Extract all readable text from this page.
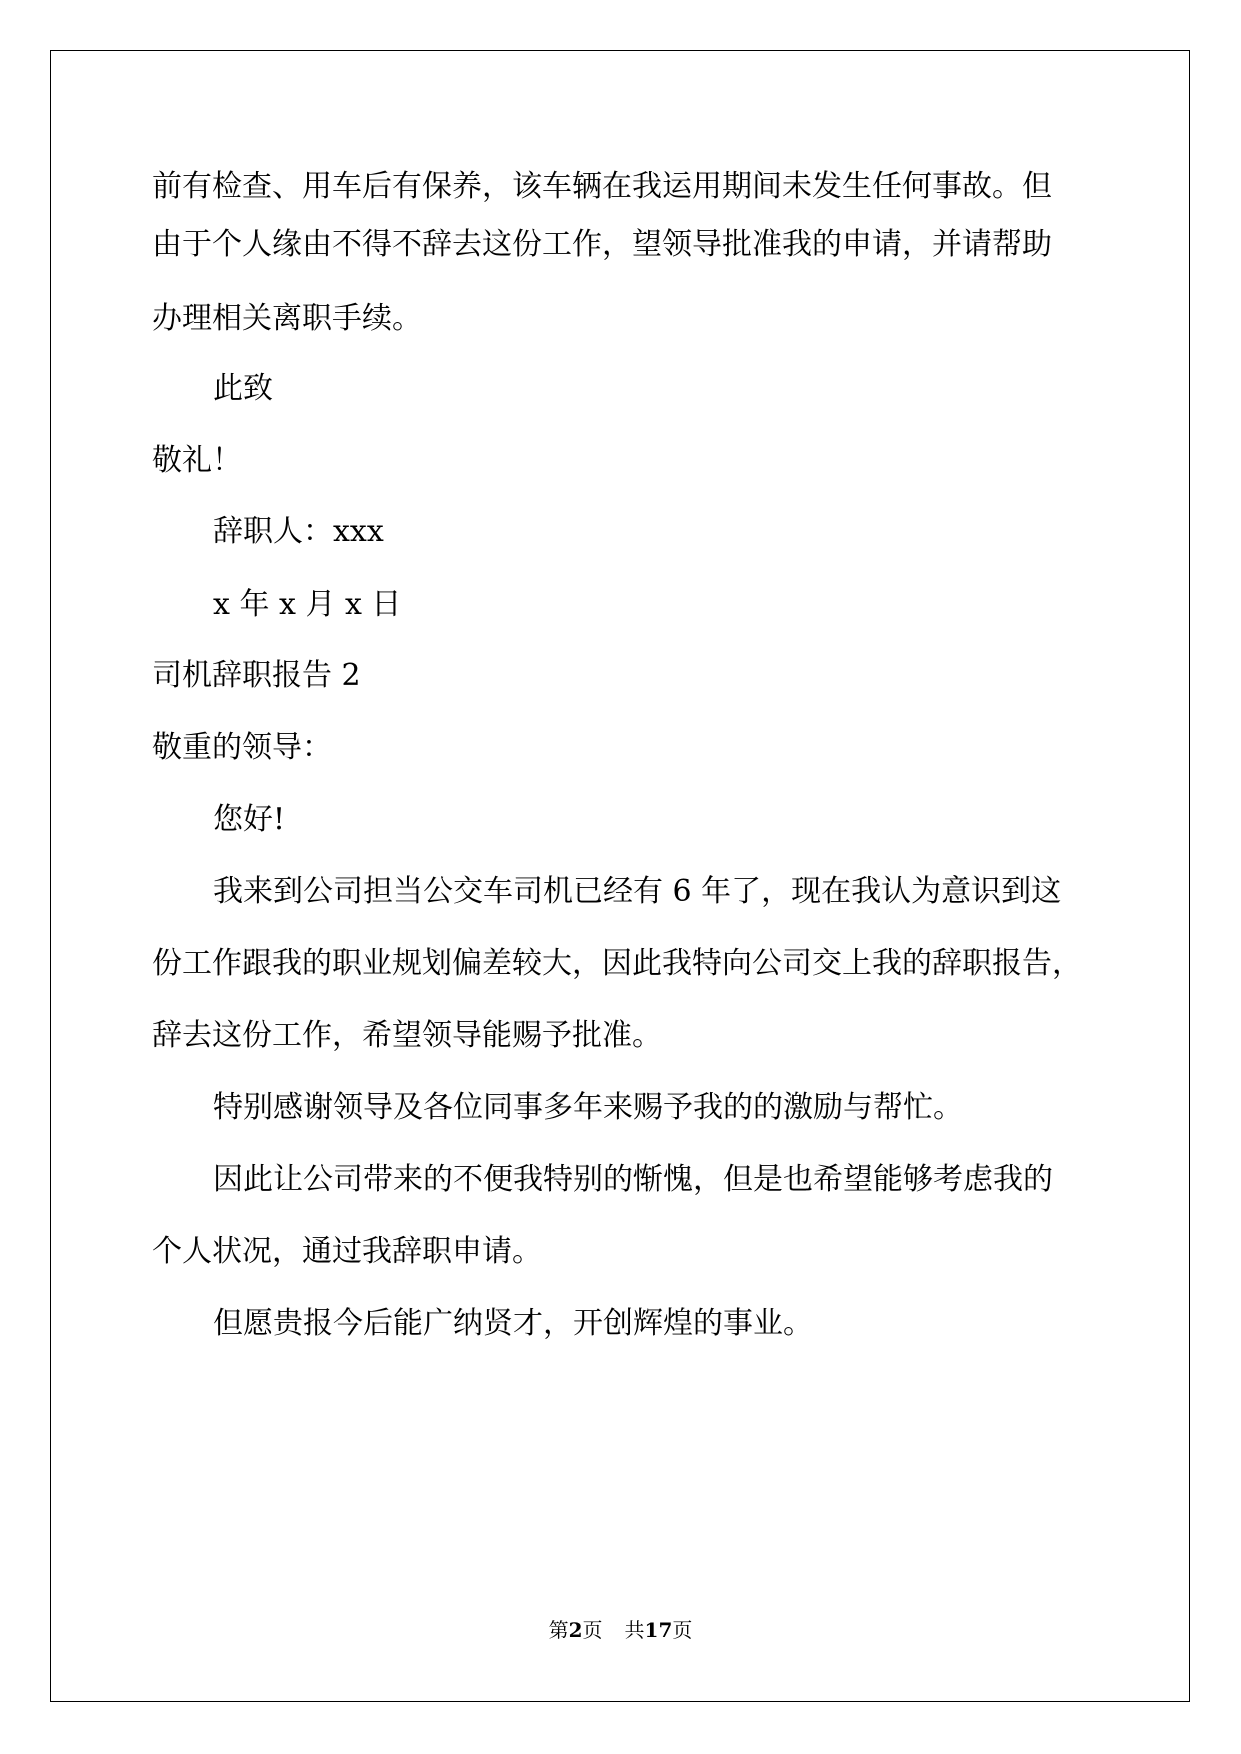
前有检查、用车后有保养，该车辆在我运用期间未发生任何事故。但

由于个人缘由不得不辞去这份工作，望领导批准我的申请，并请帮助

办理相关离职手续。

此致

敬礼！

辞职人：xxx

x 年 x 月 x 日

司机辞职报告 2

敬重的领导：

您好!

我来到公司担当公交车司机已经有 6 年了，现在我认为意识到这

份工作跟我的职业规划偏差较大，因此我特向公司交上我的辞职报告，

辞去这份工作，希望领导能赐予批准。

特别感谢领导及各位同事多年来赐予我的的激励与帮忙。

因此让公司带来的不便我特别的惭愧，但是也希望能够考虑我的

个人状况，通过我辞职申请。

但愿贵报今后能广纳贤才，开创辉煌的事业。

第2页 共17页
